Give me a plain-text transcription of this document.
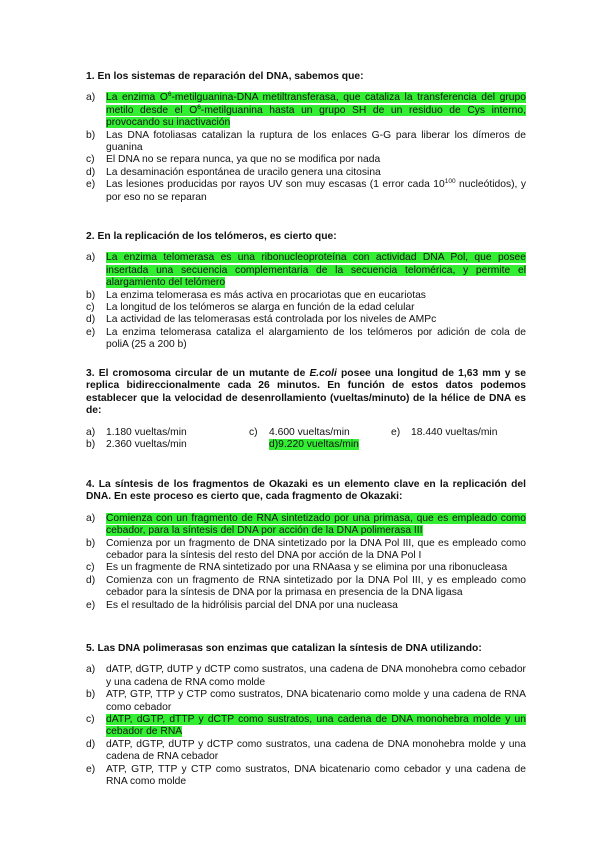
1. En los sistemas de reparación del DNA, sabemos que:

a) La enzima $O^6-metilguanina$-DNA metiltransferasa, que cataliza la transferencia del grupo metilo desde el $O^6$-metilguanina hasta un grupo SH de un residuo de Cys interno, provocando su inactivación
b) Las DNA fotoliasas catalizan la ruptura de los enlaces G-G para liberar los dímeros de guanina
c) El DNA no se repara nunca, ya que no se modifica por nada
d) La desaminación espontánea de uracilo genera una citosina
e) Las lesiones producidas por rayos UV son muy escasas (1 error cada $10^{100}$ nucleótidos), y por eso no se reparan

2. En la replicación de los telómeros, es cierto que:

a) La enzima telomerasa es una ribonucleoproteína con actividad DNA Pol, que posee insertada una secuencia complementaria de la secuencia telomérica, y permite el alargamiento del telómero
b) La enzima telomerasa es más activa en procariotas que en eucariotas
c) La longitud de los telómeros se alarga en función de la edad celular
d) La actividad de las telomerasas está controlada por los niveles de AMPc
e) La enzima telomerasa cataliza el alargamiento de los telómeros por adición de cola de poliA (25 a 200 b)

3. El cromosoma circular de un mutante de E.coli posee una longitud de 1,63 mm y se replica bidireccionalmente cada 26 minutos. En función de estos datos podemos establecer que la velocidad de desenrollamiento (vueltas/minuto) de la hélice de DNA es de:

a) 1.180 vueltas/min	c) 4.600 vueltas/min	e) 18.440 vueltas/min
b) 2.360 vueltas/min	d)9.220 vueltas/min

4. La síntesis de los fragmentos de Okazaki es un elemento clave en la replicación del DNA. En este proceso es cierto que, cada fragmento de Okazaki:

a) Comienza con un fragmento de RNA sintetizado por una primasa, que es empleado como cebador, para la síntesis del DNA por acción de la DNA polimerasa III
b) Comienza por un fragmento de DNA sintetizado por la DNA Pol III, que es empleado como cebador para la síntesis del resto del DNA por acción de la DNA Pol I
c) Es un fragmente de RNA sintetizado por una RNAasa y se elimina por una ribonucleasa
d) Comienza con un fragmento de RNA sintetizado por la DNA Pol III, y es empleado como cebador para la síntesis de DNA por la primasa en presencia de la DNA ligasa
e) Es el resultado de la hidrólisis parcial del DNA por una nucleasa

5. Las DNA polimerasas son enzimas que catalizan la síntesis de DNA utilizando:

a) dATP, dGTP, dUTP y dCTP como sustratos, una cadena de DNA monohebra como cebador y una cadena de RNA como molde
b) ATP, GTP, TTP y CTP como sustratos, DNA bicatenario como molde y una cadena de RNA como cebador
c) dATP, dGTP, dTTP y dCTP como sustratos, una cadena de DNA monohebra molde y un cebador de RNA
d) dATP, dGTP, dUTP y dCTP como sustratos, una cadena de DNA monohebra molde y una cadena de RNA cebador
e) ATP, GTP, TTP y CTP como sustratos, DNA bicatenario como cebador y una cadena de RNA como molde
